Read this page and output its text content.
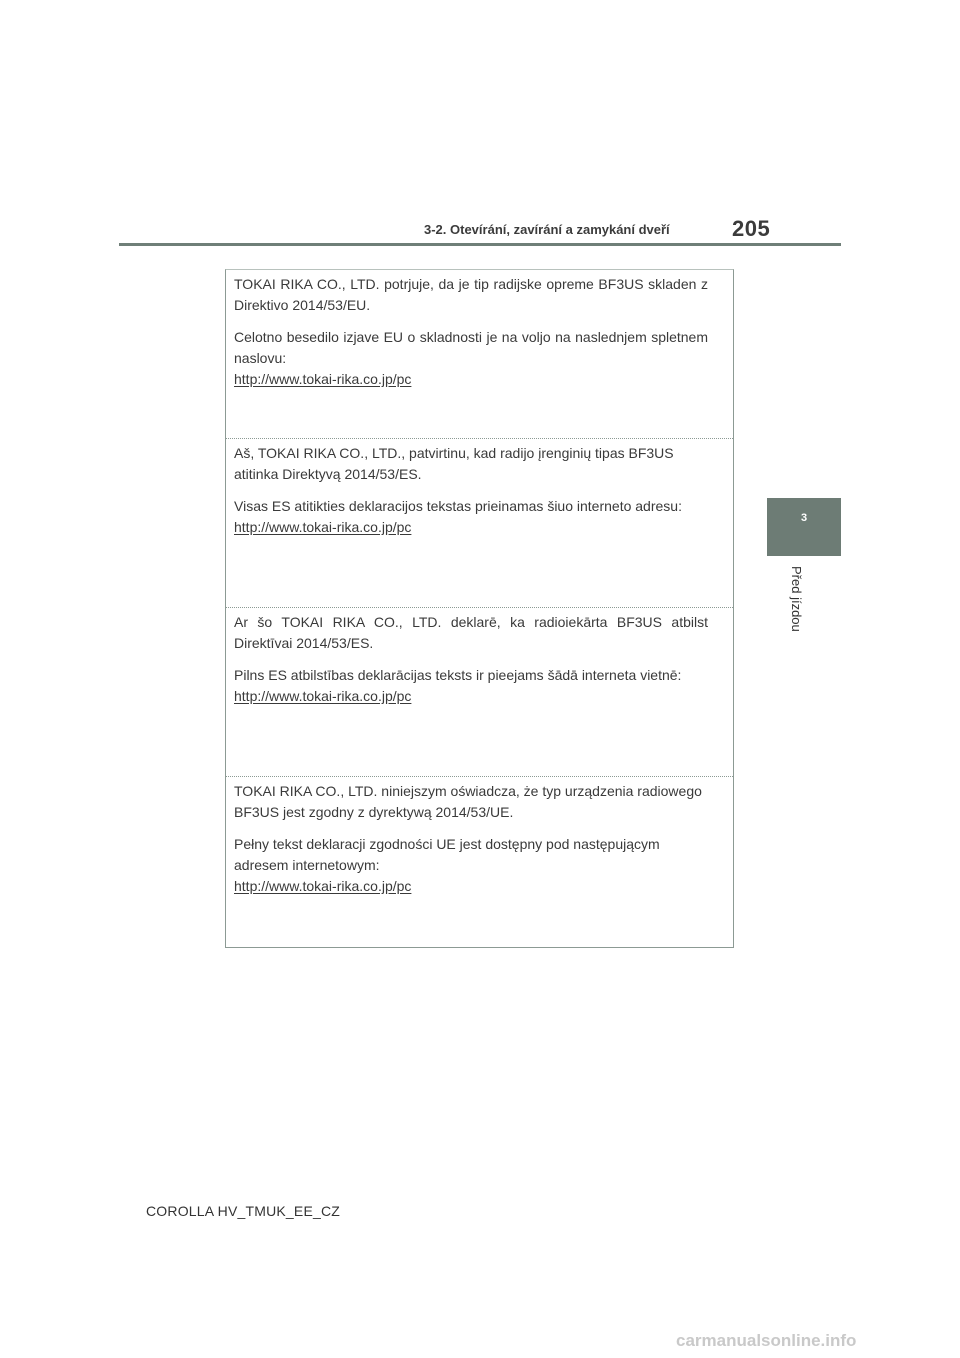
3-2. Otevírání, zavírání a zamykání dveří	205
3
Před jízdou

TOKAI RIKA CO., LTD. potrjuje, da je tip radijske opreme BF3US skladen z Direktivo 2014/53/EU.

Celotno besedilo izjave EU o skladnosti je na voljo na naslednjem spletnem naslovu:
http://www.tokai-rika.co.jp/pc

Aš, TOKAI RIKA CO., LTD., patvirtinu, kad radijo įrenginių tipas BF3US atitinka Direktyvą 2014/53/ES.

Visas ES atitikties deklaracijos tekstas prieinamas šiuo interneto adresu:
http://www.tokai-rika.co.jp/pc

Ar šo TOKAI RIKA CO., LTD. deklarē, ka radioiekārta BF3US atbilst Direktīvai 2014/53/ES.

Pilns ES atbilstības deklarācijas teksts ir pieejams šādā interneta vietnē:
http://www.tokai-rika.co.jp/pc

TOKAI RIKA CO., LTD. niniejszym oświadcza, że typ urządzenia radiowego BF3US jest zgodny z dyrektywą 2014/53/UE.

Pełny tekst deklaracji zgodności UE jest dostępny pod następującym adresem internetowym:
http://www.tokai-rika.co.jp/pc
COROLLA HV_TMUK_EE_CZ
carmanualsonline.info
